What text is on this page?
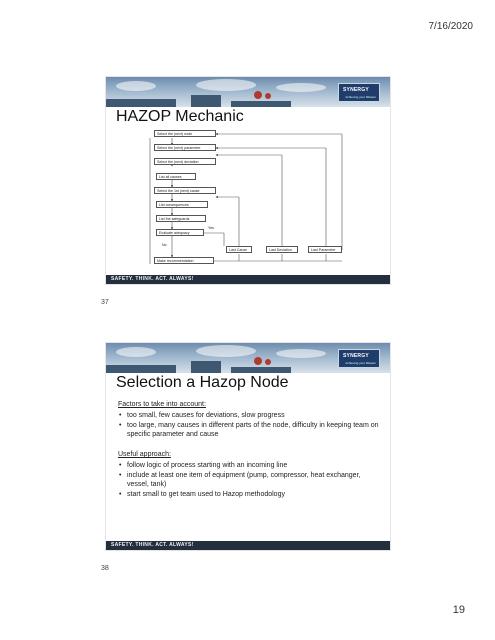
7/16/2020
SYNERGY
Achieving your Mission
HAZOP Mechanic
Select the (next) node
Select the (next) parameter
Select the (next) deviation
List all causes
Select the 1st (next) cause
List consequences
List the safeguards
Evaluate adequacy
Make recommendation
Last Cause	Last Deviation	Last Parameter
Yes
No
SAFETY. THINK. ACT. ALWAYS!
37
SYNERGY
Achieving your Mission
Selection a Hazop Node
Factors to take into account:
• too small, few causes for deviations, slow progress
• too large, many causes in different parts of the node, difficulty in keeping team on specific parameter and cause
Useful approach:
• follow logic of process starting with an incoming line
• include at least one item of equipment (pump, compressor, heat exchanger, vessel, tank)
• start small to get team used to Hazop methodology
SAFETY. THINK. ACT. ALWAYS!
38
19
